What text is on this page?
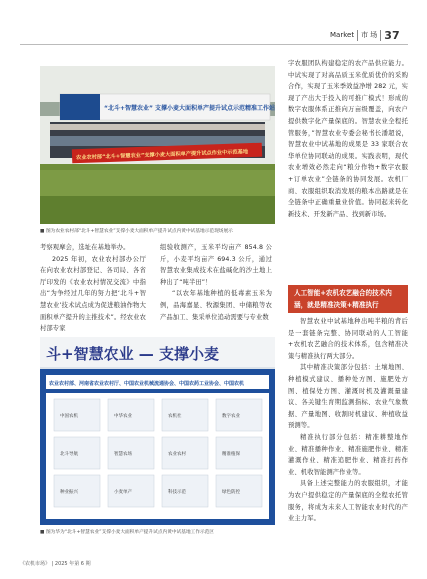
Market 市 场 37
“北斗+智慧农业” 支撑小麦大面积单产提升试点示范精准工作站
农业农村部“北斗+智慧农业”支撑小麦大面积单产提升试点作业中示范基地
■ 图为农业农村部“北斗+智慧农业”支撑小麦大面积单产提升试点内黄中试基地示范现场展示

考察观摩会，选址在基地举办。

2025 年初，农业农村部办公厅在向农业农村部登记、各司局、各省厅印发的《农业农村情况交流》中指出“为争经过几年的努力把‘北斗+智慧农业’技术试点成为促进粮油作物大面积单产提升的主推技术”。经农业农村部专家

组验收测产，玉米平均亩产 854.8 公斤，小麦平均亩产 694.3 公斤，通过智慧农业集成技术在盐碱化的沙土地上种出了“吨半田”！

“以农年基地种植的低毒素玉米为例，品海嘉显、牧源集团、中储粮等农产品加工、集采单位追动需要与专业数

斗+智慧农业 — 支撑小麦
农业农村部、河南省农业农村厅、中国农业机械流通协会、中国农药工业协会、中国农机
中国农机	中华农业	农机社	数字农业
北斗导航	智慧农场	农业农村	精准植保
种业振兴	小麦单产	科技示范	绿色防控
■ 图为华为“北斗+智慧农业”支撑小麦大面积单产提升试点内黄中试基地工作示范区

字农服团队构建稳定的农产品供应能力。中试实现了对高品质玉米优质优价的采购合作，实现了玉米季效益净增 282 元，实现了产出大于投入的可推广模式！形成的数字农服体系正推向万亩级覆盖，向农户提供数字化产量保底的。智慧农业全程托管服务，”智慧农业专委会秘书长潘超说，智慧农业中试基地的成果是 33 家联合农华单位协同联动的成果。实践表明，现代农业增效必然走向“粮分作物+数字农服+订单农业”全链条的协同发展。农机厂商、农服组织取消发展的粮本出路就是在全链条中正确重量业价值。协同起来转化新技术、开发新产品、找到新市场。

人工智能+农机农艺融合的技术内涵，就是精准决策+精准执行

智慧农业中试基地种出吨半粮的背后是一套链条完整、协同联动的人工智能+农机农艺融合的技术体系，包含精准决策与精准执行两大部分。

其中精准决策部分包括：土壤地图、种植模式建议、播种处方图、施肥处方图、植保处方图、灌溉时机及灌溉量建议、各关键生育期监测指标、农业气象数据、产量地图、收割时机建议、种植收益预测等。

精准执行部分包括：精准耕整地作业、精准播种作业、精准施肥作业、精准灌溉作业、精准追肥作业、精准打药作业、机收智能测产作业等。

具备上述完整能力的农服组织，才能为农户提供稳定的产量保底的全程农托管服务，将成为未来人工智能农业时代的产业主力军。

《农机市场》 | 2025 年第 6 期
